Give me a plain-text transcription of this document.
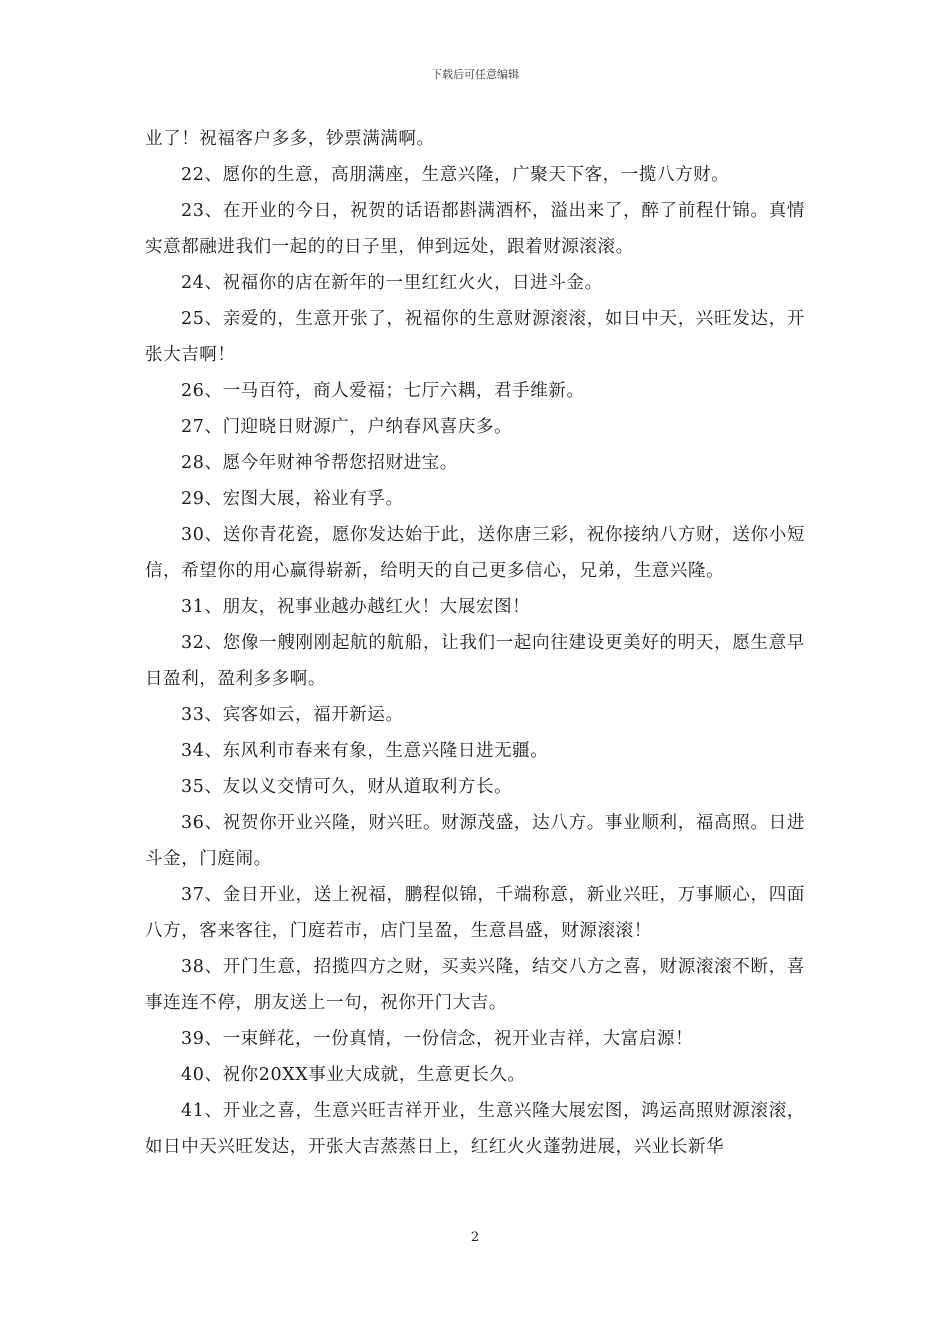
下载后可任意编辑

业了！祝福客户多多，钞票满满啊。

22、愿你的生意，高朋满座，生意兴隆，广聚天下客，一揽八方财。

23、在开业的今日，祝贺的话语都斟满酒杯，溢出来了，醉了前程什锦。真情实意都融进我们一起的的日子里，伸到远处，跟着财源滚滚。

24、祝福你的店在新年的一里红红火火，日进斗金。

25、亲爱的，生意开张了，祝福你的生意财源滚滚，如日中天，兴旺发达，开张大吉啊！

26、一马百符，商人爱福；七厅六耦，君手维新。

27、门迎晓日财源广，户纳春风喜庆多。

28、愿今年财神爷帮您招财进宝。

29、宏图大展，裕业有孚。

30、送你青花瓷，愿你发达始于此，送你唐三彩，祝你接纳八方财，送你小短信，希望你的用心赢得崭新，给明天的自己更多信心，兄弟，生意兴隆。

31、朋友，祝事业越办越红火！大展宏图！

32、您像一艘刚刚起航的航船，让我们一起向往建设更美好的明天，愿生意早日盈利，盈利多多啊。

33、宾客如云，福开新运。

34、东风利市春来有象，生意兴隆日进无疆。

35、友以义交情可久，财从道取利方长。

36、祝贺你开业兴隆，财兴旺。财源茂盛，达八方。事业顺利，福高照。日进斗金，门庭闹。

37、金日开业，送上祝福，鹏程似锦，千端称意，新业兴旺，万事顺心，四面八方，客来客往，门庭若市，店门呈盈，生意昌盛，财源滚滚！

38、开门生意，招揽四方之财，买卖兴隆，结交八方之喜，财源滚滚不断，喜事连连不停，朋友送上一句，祝你开门大吉。

39、一束鲜花，一份真情，一份信念，祝开业吉祥，大富启源！

40、祝你20XX事业大成就，生意更长久。

41、开业之喜，生意兴旺吉祥开业，生意兴隆大展宏图，鸿运高照财源滚滚，如日中天兴旺发达，开张大吉蒸蒸日上，红红火火蓬勃进展，兴业长新华

2
